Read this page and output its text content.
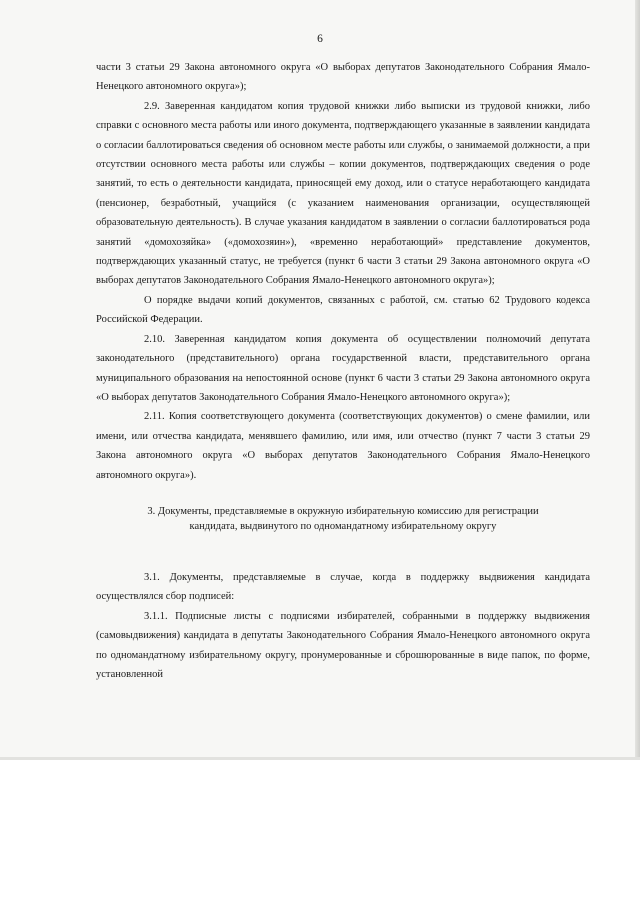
6

части 3 статьи 29 Закона автономного округа «О выборах депутатов Законодательного Собрания Ямало-Ненецкого автономного округа»);

2.9. Заверенная кандидатом копия трудовой книжки либо выписки из трудовой книжки, либо справки с основного места работы или иного документа, подтверждающего указанные в заявлении кандидата о согласии баллотироваться сведения об основном месте работы или службы, о занимаемой должности, а при отсутствии основного места работы или службы – копии документов, подтверждающих сведения о роде занятий, то есть о деятельности кандидата, приносящей ему доход, или о статусе неработающего кандидата (пенсионер, безработный, учащийся (с указанием наименования организации, осуществляющей образовательную деятельность). В случае указания кандидатом в заявлении о согласии баллотироваться рода занятий «домохозяйка» («домохозяин»), «временно неработающий» представление документов, подтверждающих указанный статус, не требуется (пункт 6 части 3 статьи 29 Закона автономного округа «О выборах депутатов Законодательного Собрания Ямало-Ненецкого автономного округа»);

О порядке выдачи копий документов, связанных с работой, см. статью 62 Трудового кодекса Российской Федерации.

2.10. Заверенная кандидатом копия документа об осуществлении полномочий депутата законодательного (представительного) органа государственной власти, представительного органа муниципального образования на непостоянной основе (пункт 6 части 3 статьи 29 Закона автономного округа «О выборах депутатов Законодательного Собрания Ямало-Ненецкого автономного округа»);

2.11. Копия соответствующего документа (соответствующих документов) о смене фамилии, или имени, или отчества кандидата, менявшего фамилию, или имя, или отчество (пункт 7 части 3 статьи 29 Закона автономного округа «О выборах депутатов Законодательного Собрания Ямало-Ненецкого автономного округа»).

3. Документы, представляемые в окружную избирательную комиссию для регистрации
кандидата, выдвинутого по одномандатному избирательному округу

3.1. Документы, представляемые в случае, когда в поддержку выдвижения кандидата осуществлялся сбор подписей:

3.1.1. Подписные листы с подписями избирателей, собранными в поддержку выдвижения (самовыдвижения) кандидата в депутаты Законодательного Собрания Ямало-Ненецкого автономного округа по одномандатному избирательному округу, пронумерованные и сброшюрованные в виде папок, по форме, установленной
